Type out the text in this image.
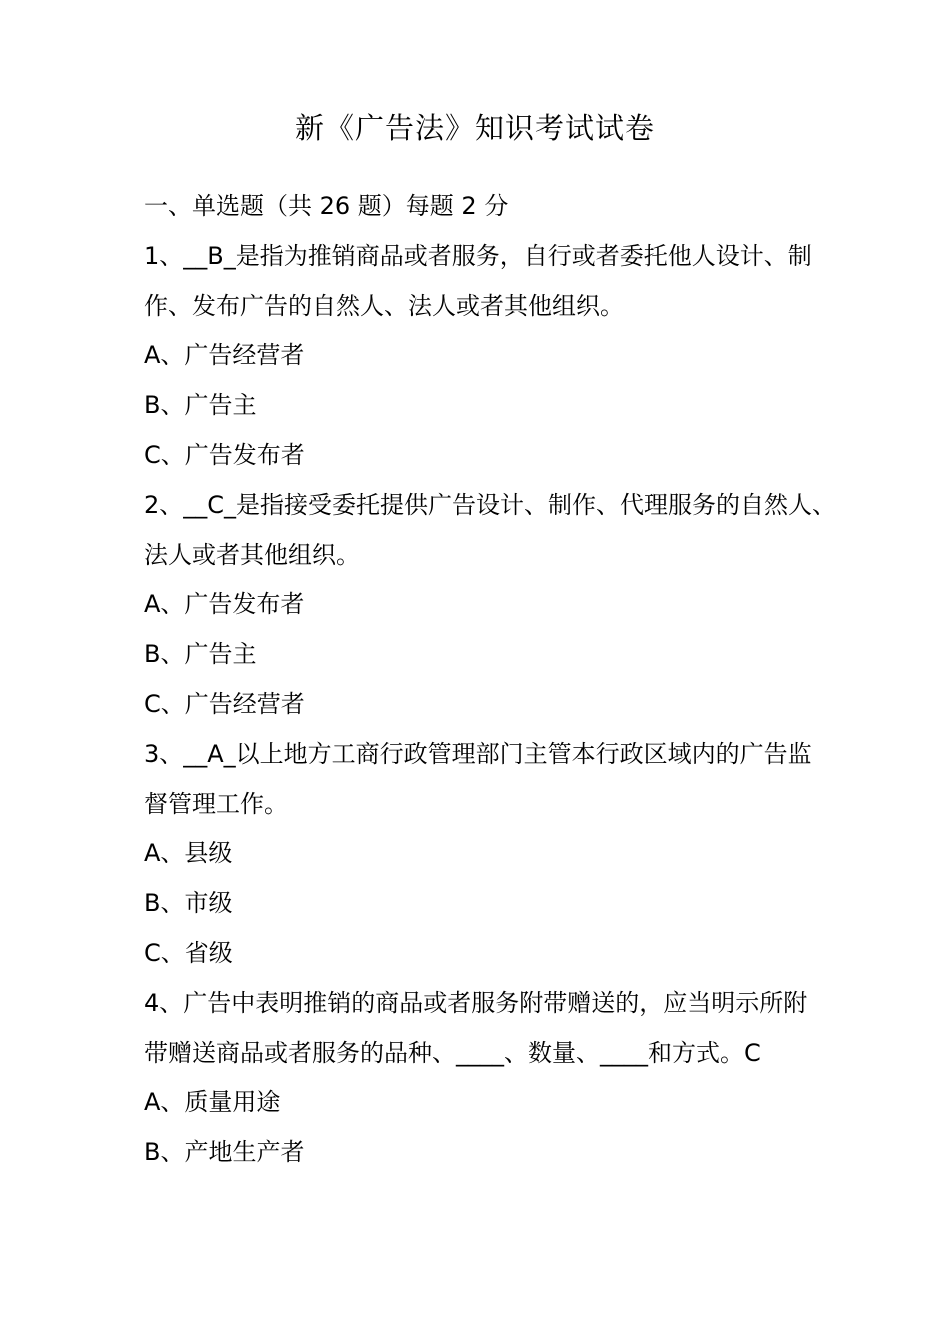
新《广告法》知识考试试卷
一、单选题（共 26 题）每题 2 分
1、__B_是指为推销商品或者服务，自行或者委托他人设计、制
作、发布广告的自然人、法人或者其他组织。
A、广告经营者
B、广告主
C、广告发布者
2、__C_是指接受委托提供广告设计、制作、代理服务的自然人、
法人或者其他组织。
A、广告发布者
B、广告主
C、广告经营者
3、__A_以上地方工商行政管理部门主管本行政区域内的广告监
督管理工作。
A、县级
B、市级
C、省级
4、广告中表明推销的商品或者服务附带赠送的，应当明示所附
带赠送商品或者服务的品种、____、数量、____和方式。C
A、质量用途
B、产地生产者
